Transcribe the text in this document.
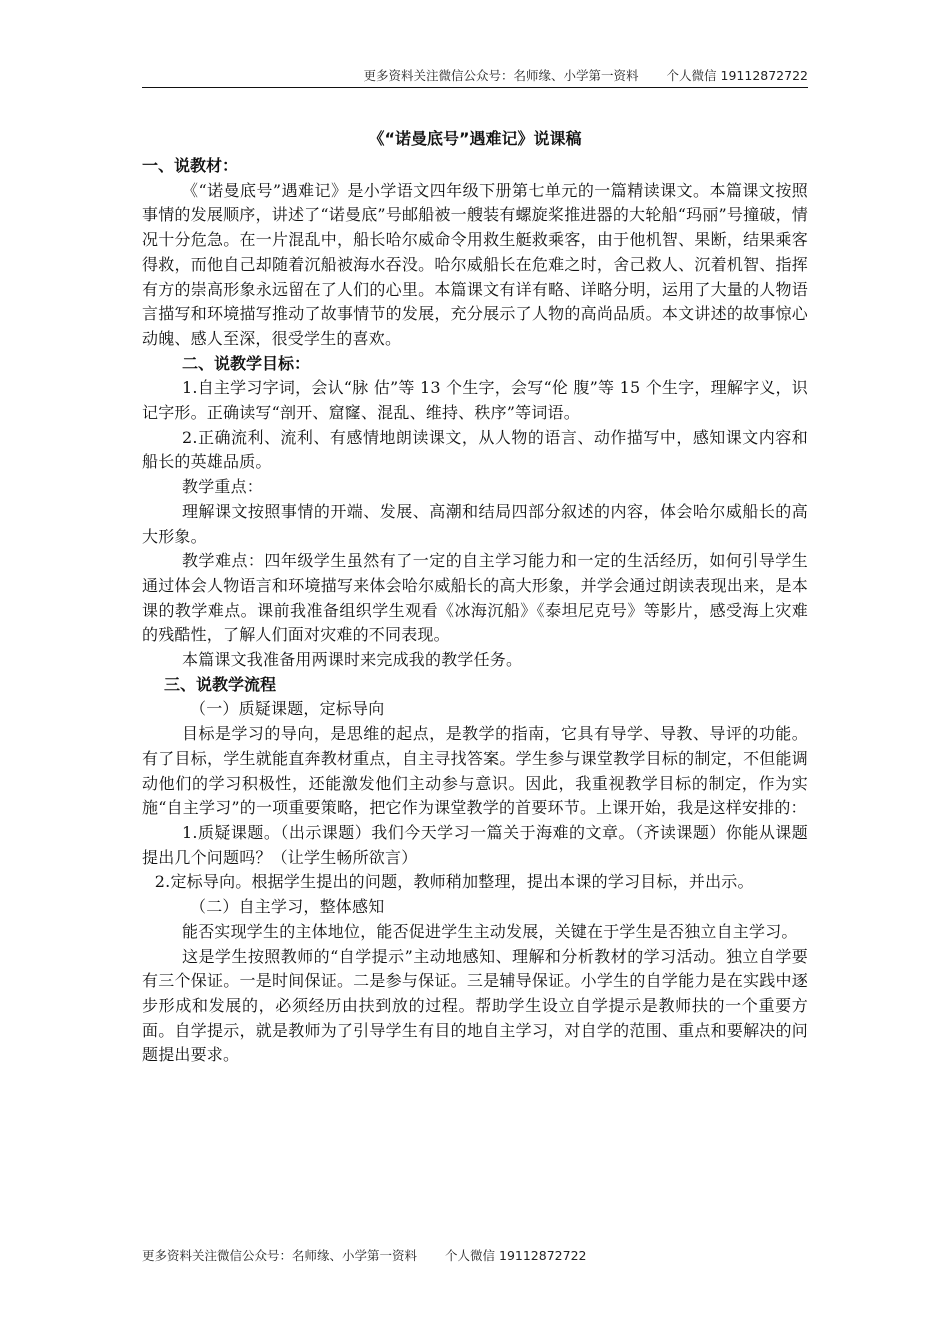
更多资料关注微信公众号：名师缘、小学第一资料 个人微信 19112872722
《“诺曼底号”遇难记》说课稿
一、说教材：

《“诺曼底号”遇难记》是小学语文四年级下册第七单元的一篇精读课文。本篇课文按照事情的发展顺序，讲述了“诺曼底”号邮船被一艘装有螺旋桨推进器的大轮船“玛丽”号撞破，情况十分危急。在一片混乱中，船长哈尔威命令用救生艇救乘客，由于他机智、果断，结果乘客得救，而他自己却随着沉船被海水吞没。哈尔威船长在危难之时，舍己救人、沉着机智、指挥有方的崇高形象永远留在了人们的心里。本篇课文有详有略、详略分明，运用了大量的人物语言描写和环境描写推动了故事情节的发展，充分展示了人物的高尚品质。本文讲述的故事惊心动魄、感人至深，很受学生的喜欢。

二、说教学目标：

1.自主学习字词，会认“脉 估”等 13 个生字，会写“伦 腹”等 15 个生字，理解字义，识记字形。正确读写“剖开、窟窿、混乱、维持、秩序”等词语。

2.正确流利、流利、有感情地朗读课文，从人物的语言、动作描写中，感知课文内容和船长的英雄品质。

教学重点：

理解课文按照事情的开端、发展、高潮和结局四部分叙述的内容，体会哈尔威船长的高大形象。

教学难点：四年级学生虽然有了一定的自主学习能力和一定的生活经历，如何引导学生通过体会人物语言和环境描写来体会哈尔威船长的高大形象，并学会通过朗读表现出来，是本课的教学难点。课前我准备组织学生观看《冰海沉船》《泰坦尼克号》等影片，感受海上灾难的残酷性，了解人们面对灾难的不同表现。

本篇课文我准备用两课时来完成我的教学任务。

三、说教学流程

（一）质疑课题，定标导向

目标是学习的导向，是思维的起点，是教学的指南，它具有导学、导教、导评的功能。有了目标，学生就能直奔教材重点，自主寻找答案。学生参与课堂教学目标的制定，不但能调动他们的学习积极性，还能激发他们主动参与意识。因此，我重视教学目标的制定，作为实施“自主学习”的一项重要策略，把它作为课堂教学的首要环节。上课开始，我是这样安排的：

1.质疑课题。（出示课题）我们今天学习一篇关于海难的文章。（齐读课题）你能从课题提出几个问题吗？（让学生畅所欲言）

2.定标导向。根据学生提出的问题，教师稍加整理，提出本课的学习目标，并出示。

（二）自主学习，整体感知

能否实现学生的主体地位，能否促进学生主动发展，关键在于学生是否独立自主学习。

这是学生按照教师的“自学提示”主动地感知、理解和分析教材的学习活动。独立自学要有三个保证。一是时间保证。二是参与保证。三是辅导保证。小学生的自学能力是在实践中逐步形成和发展的，必须经历由扶到放的过程。帮助学生设立自学提示是教师扶的一个重要方面。自学提示，就是教师为了引导学生有目的地自主学习，对自学的范围、重点和要解决的问题提出要求。

更多资料关注微信公众号：名师缘、小学第一资料 个人微信 19112872722
